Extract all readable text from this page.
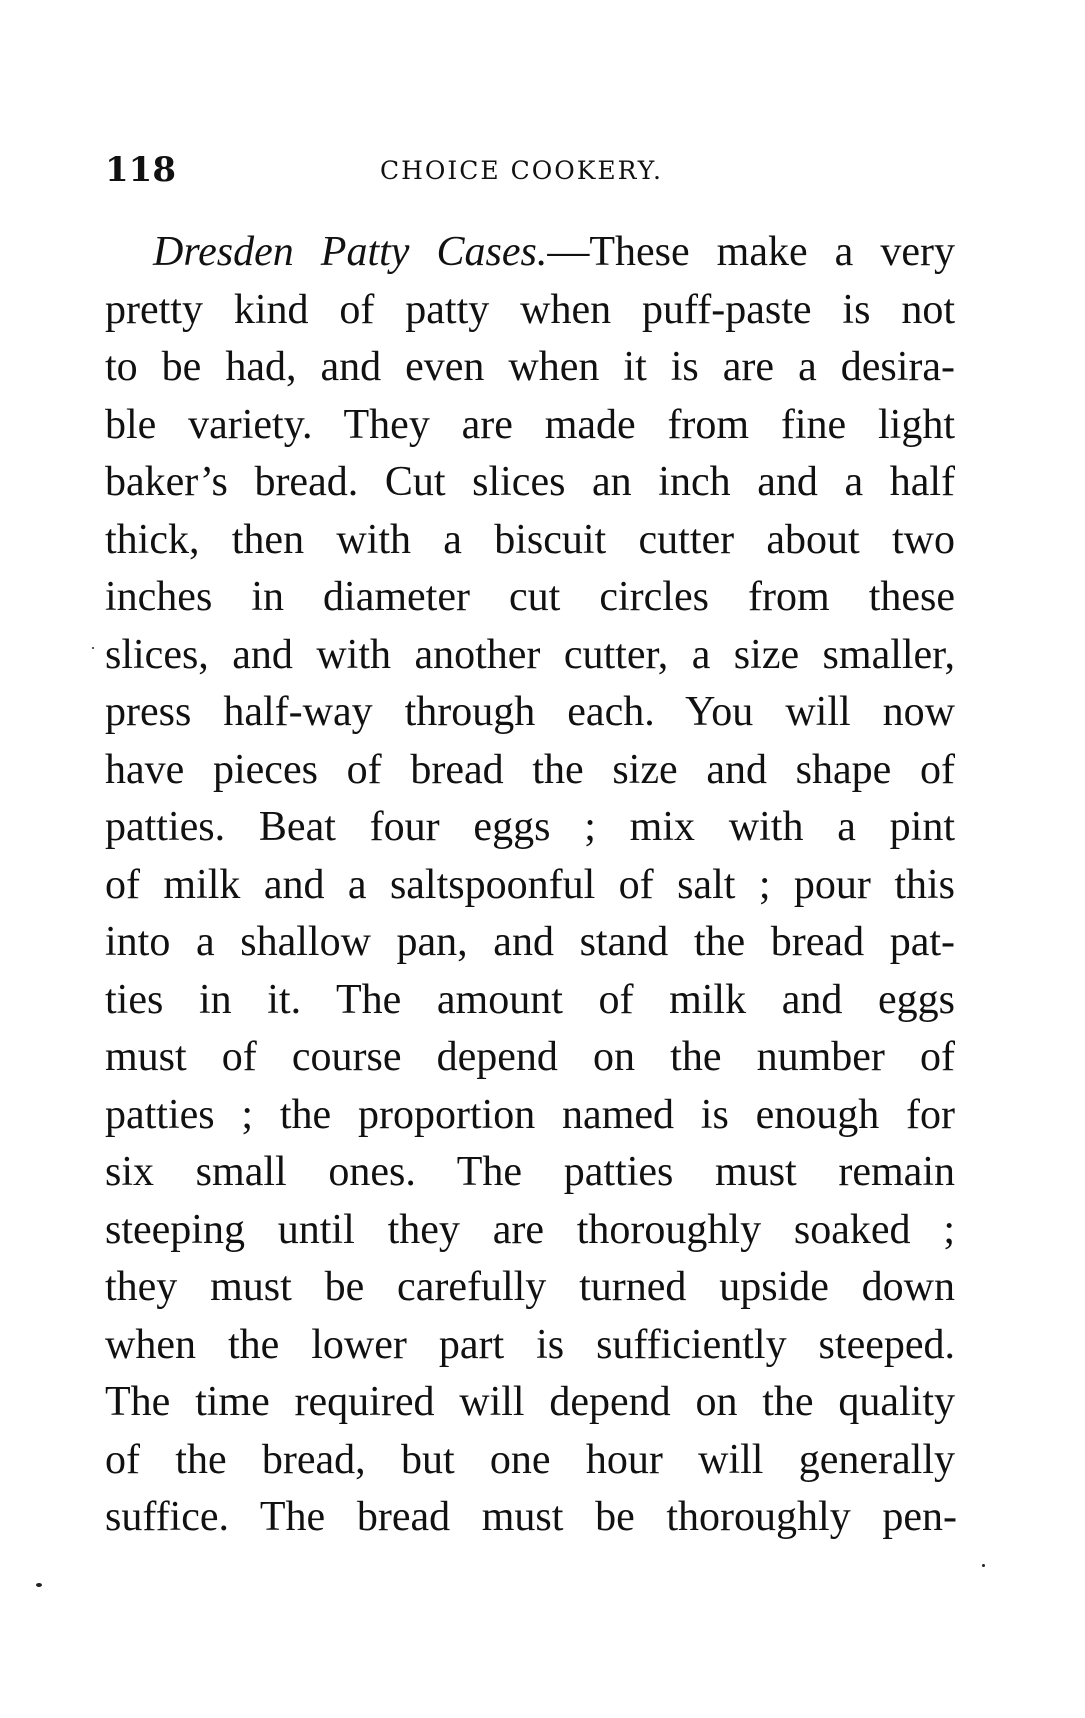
118	CHOICE COOKERY.
Dresden Patty Cases.—These make a very
pretty kind of patty when puff-paste is not
to be had, and even when it is are a desira-
ble variety. They are made from fine light
baker’s bread. Cut slices an inch and a half
thick, then with a biscuit cutter about two
inches in diameter cut circles from these
slices, and with another cutter, a size smaller,
press half-way through each. You will now
have pieces of bread the size and shape of
patties. Beat four eggs ; mix with a pint
of milk and a saltspoonful of salt ; pour this
into a shallow pan, and stand the bread pat-
ties in it. The amount of milk and eggs
must of course depend on the number of
patties ; the proportion named is enough for
six small ones. The patties must remain
steeping until they are thoroughly soaked ;
they must be carefully turned upside down
when the lower part is sufficiently steeped.
The time required will depend on the quality
of the bread, but one hour will generally
suffice. The bread must be thoroughly pen-
